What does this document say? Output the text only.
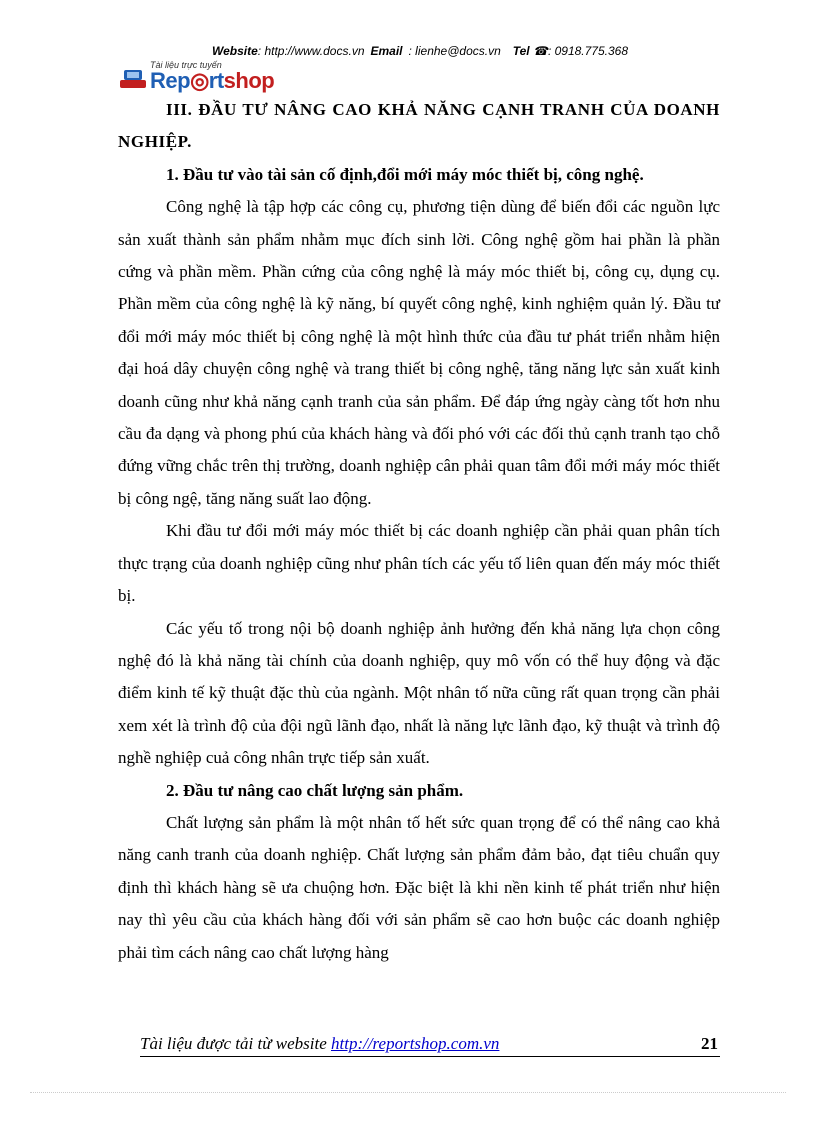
Website: http://www.docs.vn Email : lienhe@docs.vn Tel ☎: 0918.775.368
Tài liệu trực tuyến
Rep◎rtshop

III. ĐẦU TƯ NÂNG CAO KHẢ NĂNG CẠNH TRANH CỦA DOANH NGHIỆP.

1. Đầu tư vào tài sản cố định,đổi mới máy móc thiết bị, công nghệ.

Công nghệ là tập hợp các công cụ, phương tiện dùng để biến đổi các nguồn lực sản xuất thành sản phẩm nhằm mục đích sinh lời. Công nghệ gồm hai phần là phần cứng và phần mềm. Phần cứng của công nghệ là máy móc thiết bị, công cụ, dụng cụ. Phần mềm của công nghệ là kỹ năng, bí quyết công nghệ, kinh nghiệm quản lý. Đầu tư đổi mới máy móc thiết bị công nghệ là một hình thức của đầu tư phát triển nhằm hiện đại hoá dây chuyện công nghệ và trang thiết bị công nghệ, tăng năng lực sản xuất kinh doanh cũng như khả năng cạnh tranh của sản phẩm. Để đáp ứng ngày càng tốt hơn nhu cầu đa dạng và phong phú của khách hàng và đối phó với các đối thủ cạnh tranh tạo chỗ đứng vững chắc trên thị trường, doanh nghiệp cân phải quan tâm đổi mới máy móc thiết bị công ngệ, tăng năng suất lao động.

Khi đầu tư đổi mới máy móc thiết bị các doanh nghiệp cần phải quan phân tích thực trạng của doanh nghiệp cũng như phân tích các yếu tố liên quan đến máy móc thiết bị.

Các yếu tố trong nội bộ doanh nghiệp ảnh hưởng đến khả năng lựa chọn công nghệ đó là khả năng tài chính của doanh nghiệp, quy mô vốn có thể huy động và đặc điểm kinh tế kỹ thuật đặc thù của ngành. Một nhân tố nữa cũng rất quan trọng cần phải xem xét là trình độ của đội ngũ lãnh đạo, nhất là năng lực lãnh đạo, kỹ thuật và trình độ nghề nghiệp cuả công nhân trực tiếp sản xuất.

2. Đầu tư nâng cao chất lượng sản phẩm.

Chất lượng sản phẩm là một nhân tố hết sức quan trọng để có thể nâng cao khả năng canh tranh của doanh nghiệp. Chất lượng sản phẩm đảm bảo, đạt tiêu chuẩn quy định thì khách hàng sẽ ưa chuộng hơn. Đặc biệt là khi nền kinh tế phát triển như hiện nay thì yêu cầu của khách hàng đối với sản phẩm sẽ cao hơn buộc các doanh nghiệp phải tìm cách nâng cao chất lượng hàng

Tài liệu được tải từ website http://reportshop.com.vn	21
